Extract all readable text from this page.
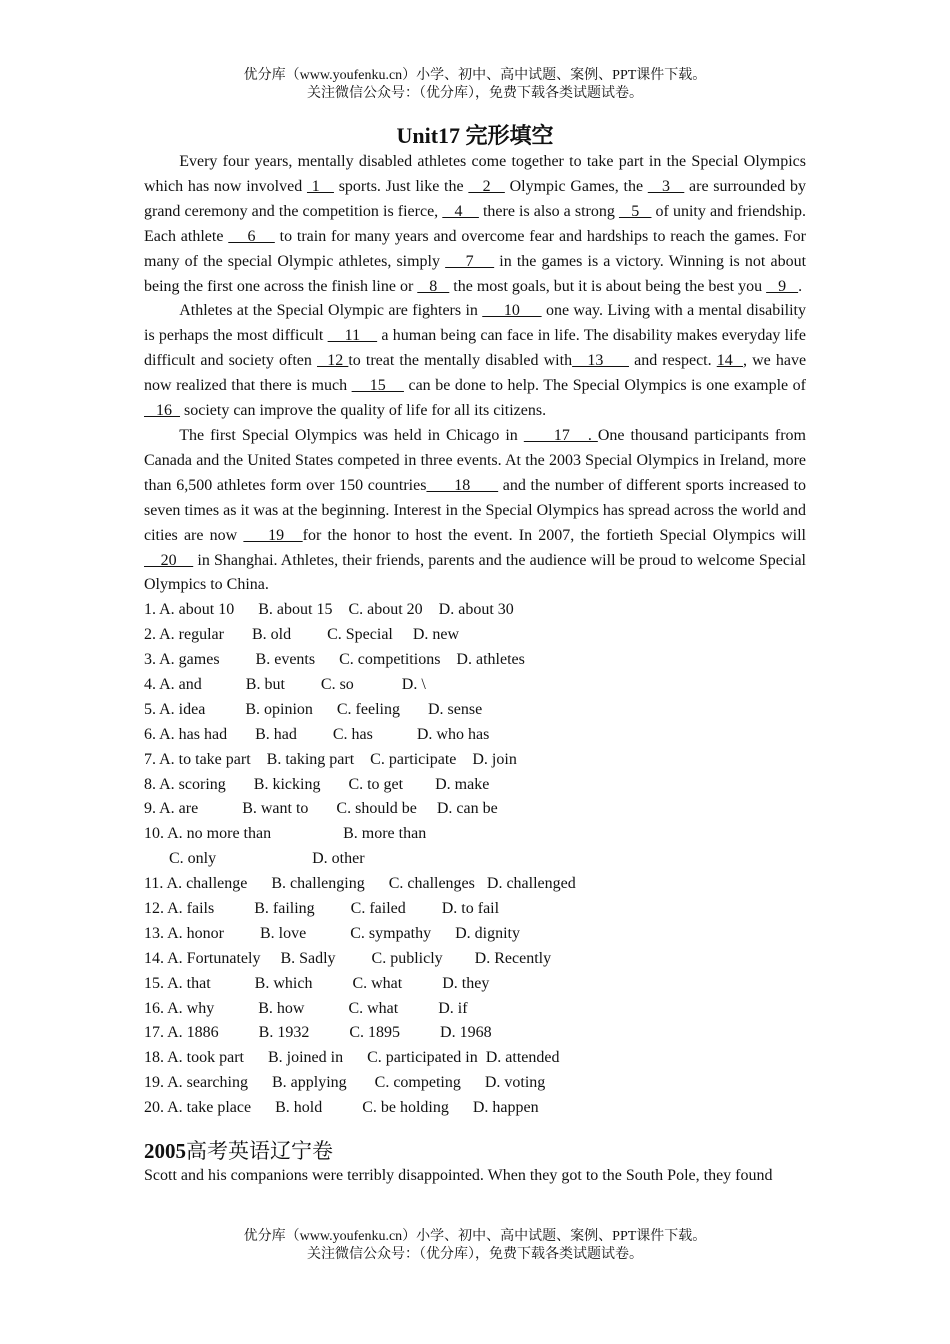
优分库（www.youfenku.cn）小学、初中、高中试题、案例、PPT课件下载。
关注微信公众号：（优分库），免费下载各类试题试卷。
Unit17 完形填空

Every four years, mentally disabled athletes come together to take part in the Special Olympics which has now involved  1    sports. Just like the    2    Olympic Games, the    3    are surrounded by grand ceremony and the competition is fierce,    4     there is also a strong    5    of unity and friendship. Each athlete     6     to train for many years and overcome fear and hardships to reach the games. For many of the special Olympic athletes, simply     7     in the games is a victory. Winning is not about being the first one across the finish line or    8    the most goals, but it is about being the best you    9   .

Athletes at the Special Olympic are fighters in      10      one way. Living with a mental disability is perhaps the most difficult     11     a human being can face in life. The disability makes everyday life difficult and society often   12 to treat the mentally disabled with   13      and respect. 14  , we have now realized that there is much     15     can be done to help. The Special Olympics is one example of    16   society can improve the quality of life for all its citizens.

The first Special Olympics was held in Chicago in      17   . One thousand participants from Canada and the United States competed in three events. At the 2003 Special Olympics in Ireland, more than 6,500 athletes form over 150 countries      18       and the number of different sports increased to seven times as it was at the beginning. Interest in the Special Olympics has spread across the world and cities are now     19   for the honor to host the event. In 2007, the fortieth Special Olympics will     20     in Shanghai. Athletes, their friends, parents and the audience will be proud to welcome Special Olympics to China.

1. A. about 10      B. about 15    C. about 20    D. about 30
2. A. regular       B. old         C. Special     D. new
3. A. games         B. events      C. competitions    D. athletes
4. A. and           B. but         C. so            D. \
5. A. idea          B. opinion      C. feeling       D. sense
6. A. has had       B. had         C. has           D. who has
7. A. to take part    B. taking part    C. participate    D. join
8. A. scoring       B. kicking       C. to get        D. make
9. A. are           B. want to       C. should be     D. can be
10. A. no more than                  B. more than
C. only                        D. other
11. A. challenge      B. challenging      C. challenges   D. challenged
12. A. fails          B. failing         C. failed         D. to fail
13. A. honor         B. love           C. sympathy      D. dignity
14. A. Fortunately     B. Sadly         C. publicly        D. Recently
15. A. that           B. which          C. what          D. they
16. A. why           B. how           C. what          D. if
17. A. 1886          B. 1932          C. 1895          D. 1968
18. A. took part      B. joined in      C. participated in  D. attended
19. A. searching      B. applying       C. competing      D. voting
20. A. take place      B. hold          C. be holding      D. happen
2005高考英语辽宁卷

Scott and his companions were terribly disappointed. When they got to the South Pole, they found

优分库（www.youfenku.cn）小学、初中、高中试题、案例、PPT课件下载。
关注微信公众号：（优分库），免费下载各类试题试卷。
